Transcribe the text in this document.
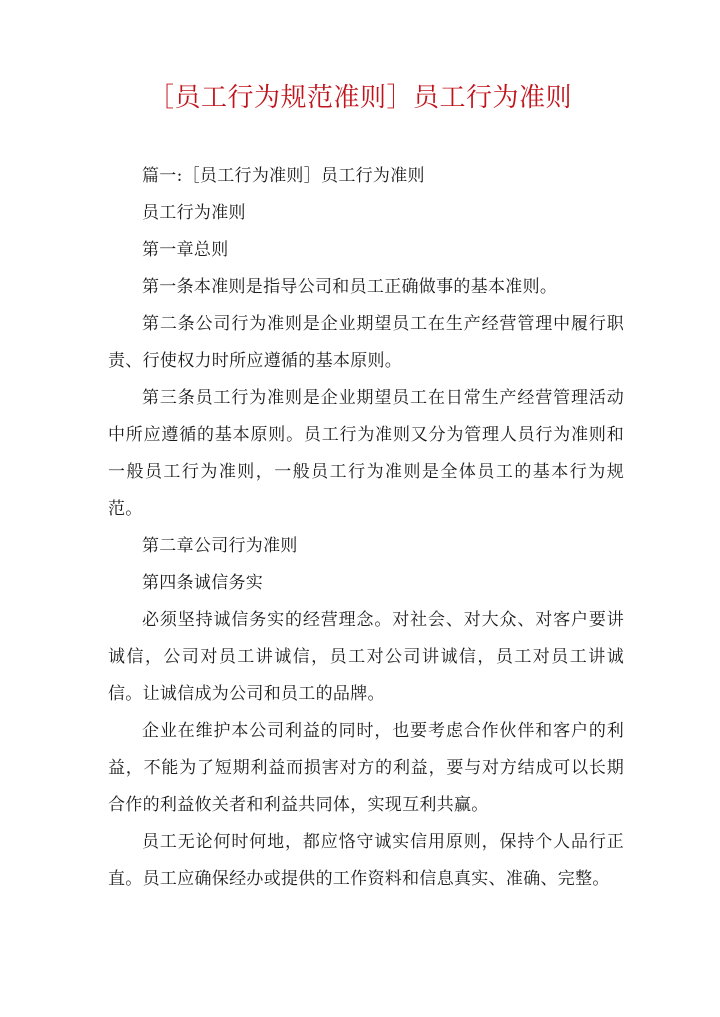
［员工行为规范准则］员工行为准则

篇一:［员工行为准则］员工行为准则

员工行为准则

第一章总则

第一条本准则是指导公司和员工正确做事的基本准则。

第二条公司行为准则是企业期望员工在生产经营管理中履行职责、行使权力时所应遵循的基本原则。

第三条员工行为准则是企业期望员工在日常生产经营管理活动中所应遵循的基本原则。员工行为准则又分为管理人员行为准则和一般员工行为准则，一般员工行为准则是全体员工的基本行为规范。

第二章公司行为准则

第四条诚信务实

必须坚持诚信务实的经营理念。对社会、对大众、对客户要讲诚信，公司对员工讲诚信，员工对公司讲诚信，员工对员工讲诚信。让诚信成为公司和员工的品牌。

企业在维护本公司利益的同时，也要考虑合作伙伴和客户的利益，不能为了短期利益而损害对方的利益，要与对方结成可以长期合作的利益攸关者和利益共同体，实现互利共赢。

员工无论何时何地，都应恪守诚实信用原则，保持个人品行正直。员工应确保经办或提供的工作资料和信息真实、准确、完整。
